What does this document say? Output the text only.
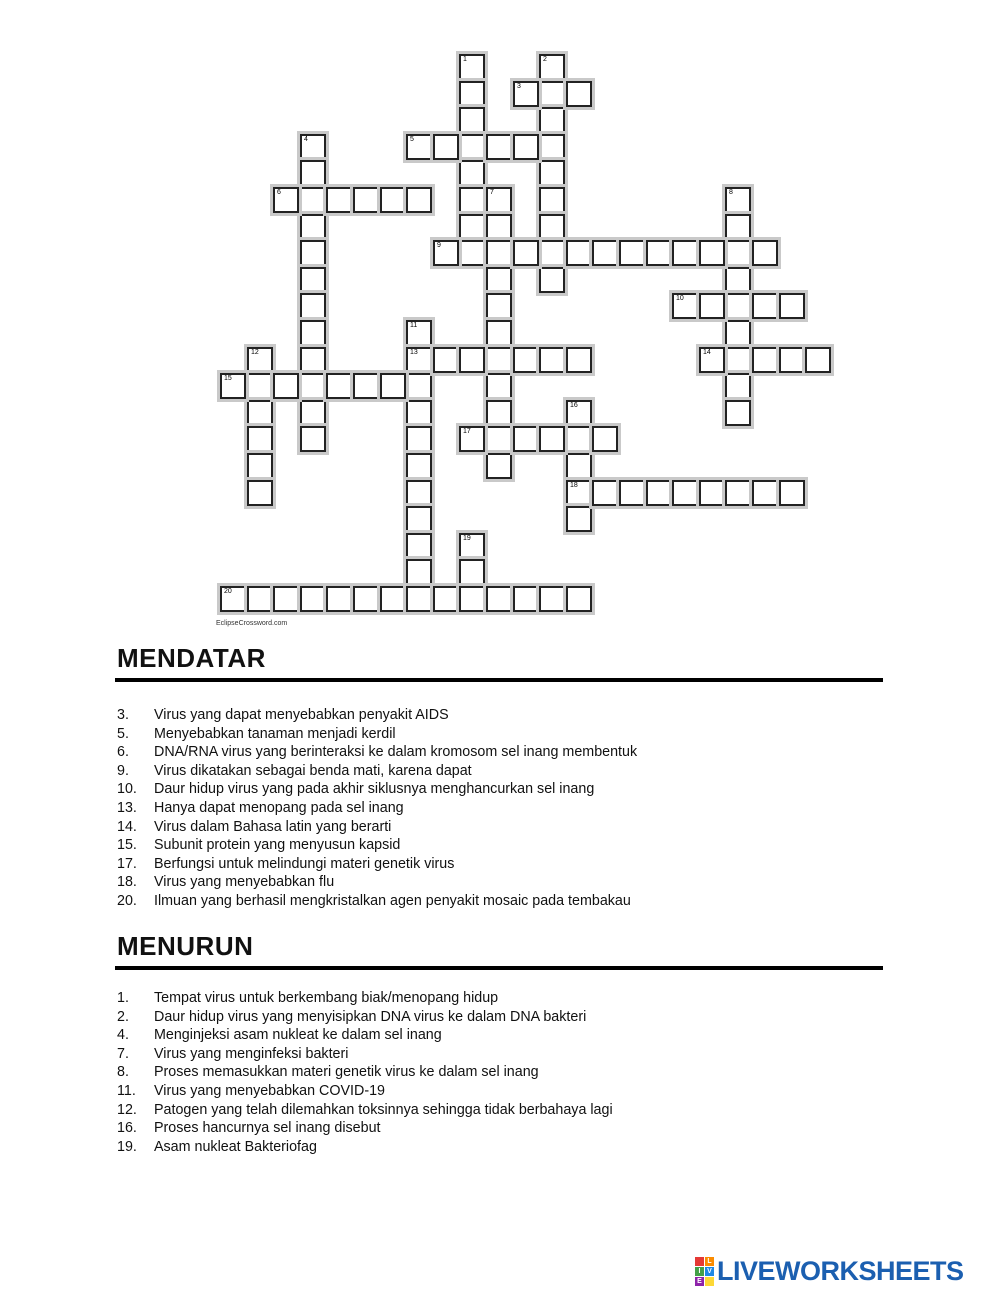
1	2
3
4	5
6	7	8
9
10
11
13
12	14
15
16
18
17
19
20
EclipseCrossword.com
MENDATAR
3. Virus yang dapat menyebabkan penyakit AIDS
5. Menyebabkan tanaman menjadi kerdil
6. DNA/RNA virus yang berinteraksi ke dalam kromosom sel inang membentuk
9. Virus dikatakan sebagai benda mati, karena dapat
10. Daur hidup virus yang pada akhir siklusnya menghancurkan sel inang
13. Hanya dapat menopang pada sel inang
14. Virus dalam Bahasa latin yang berarti
15. Subunit protein yang menyusun kapsid
17. Berfungsi untuk melindungi materi genetik virus
18. Virus yang menyebabkan flu
20. Ilmuan yang berhasil mengkristalkan agen penyakit mosaic pada tembakau
MENURUN
1. Tempat virus untuk berkembang biak/menopang hidup
2. Daur hidup virus yang menyisipkan DNA virus ke dalam DNA bakteri
4. Menginjeksi asam nukleat ke dalam sel inang
7. Virus yang menginfeksi bakteri
8. Proses memasukkan materi genetik virus ke dalam sel inang
11. Virus yang menyebabkan COVID-19
12. Patogen yang telah dilemahkan toksinnya sehingga tidak berbahaya lagi
16. Proses hancurnya sel inang disebut
19. Asam nukleat Bakteriofag
L
I V
E LIVEWORKSHEETS
